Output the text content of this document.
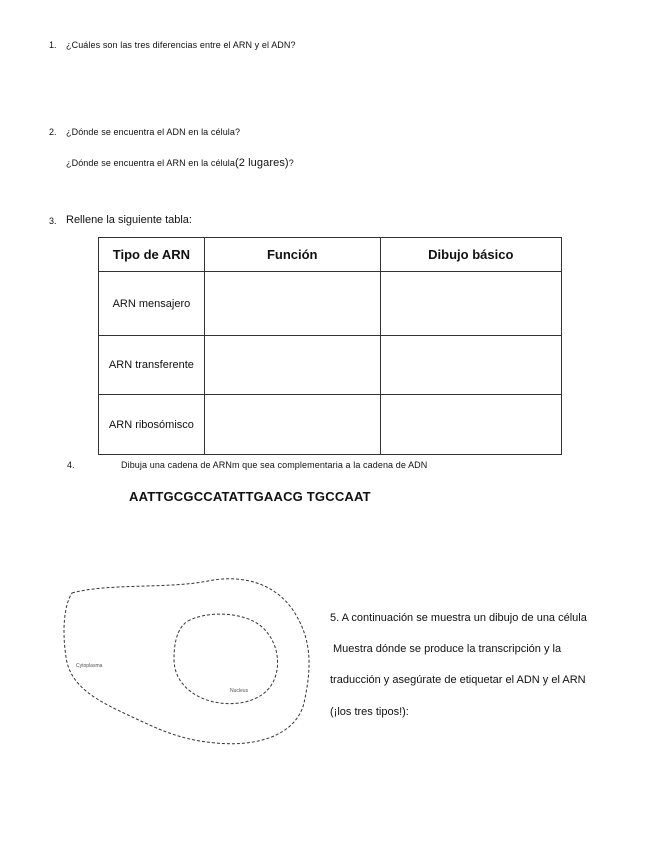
1. ¿Cuáles son las tres diferencias entre el ARN y el ADN?
2. ¿Dónde se encuentra el ADN en la célula?
¿Dónde se encuentra el ARN en la célula(2 lugares)?
3. Rellene la siguiente tabla:
Tipo de ARN	Función	Dibujo básico
ARN mensajero		
ARN transferente		
ARN ribosómisco		
4.	Dibuja una cadena de ARNm que sea complementaria a la cadena de ADN
AATTGCGCCATATTGAACG TGCCAAT
Cytoplasma
Nucleus
5. A continuación se muestra un dibujo de una célula
Muestra dónde se produce la transcripción y la
traducción y asegúrate de etiquetar el ADN y el ARN
(¡los tres tipos!):
